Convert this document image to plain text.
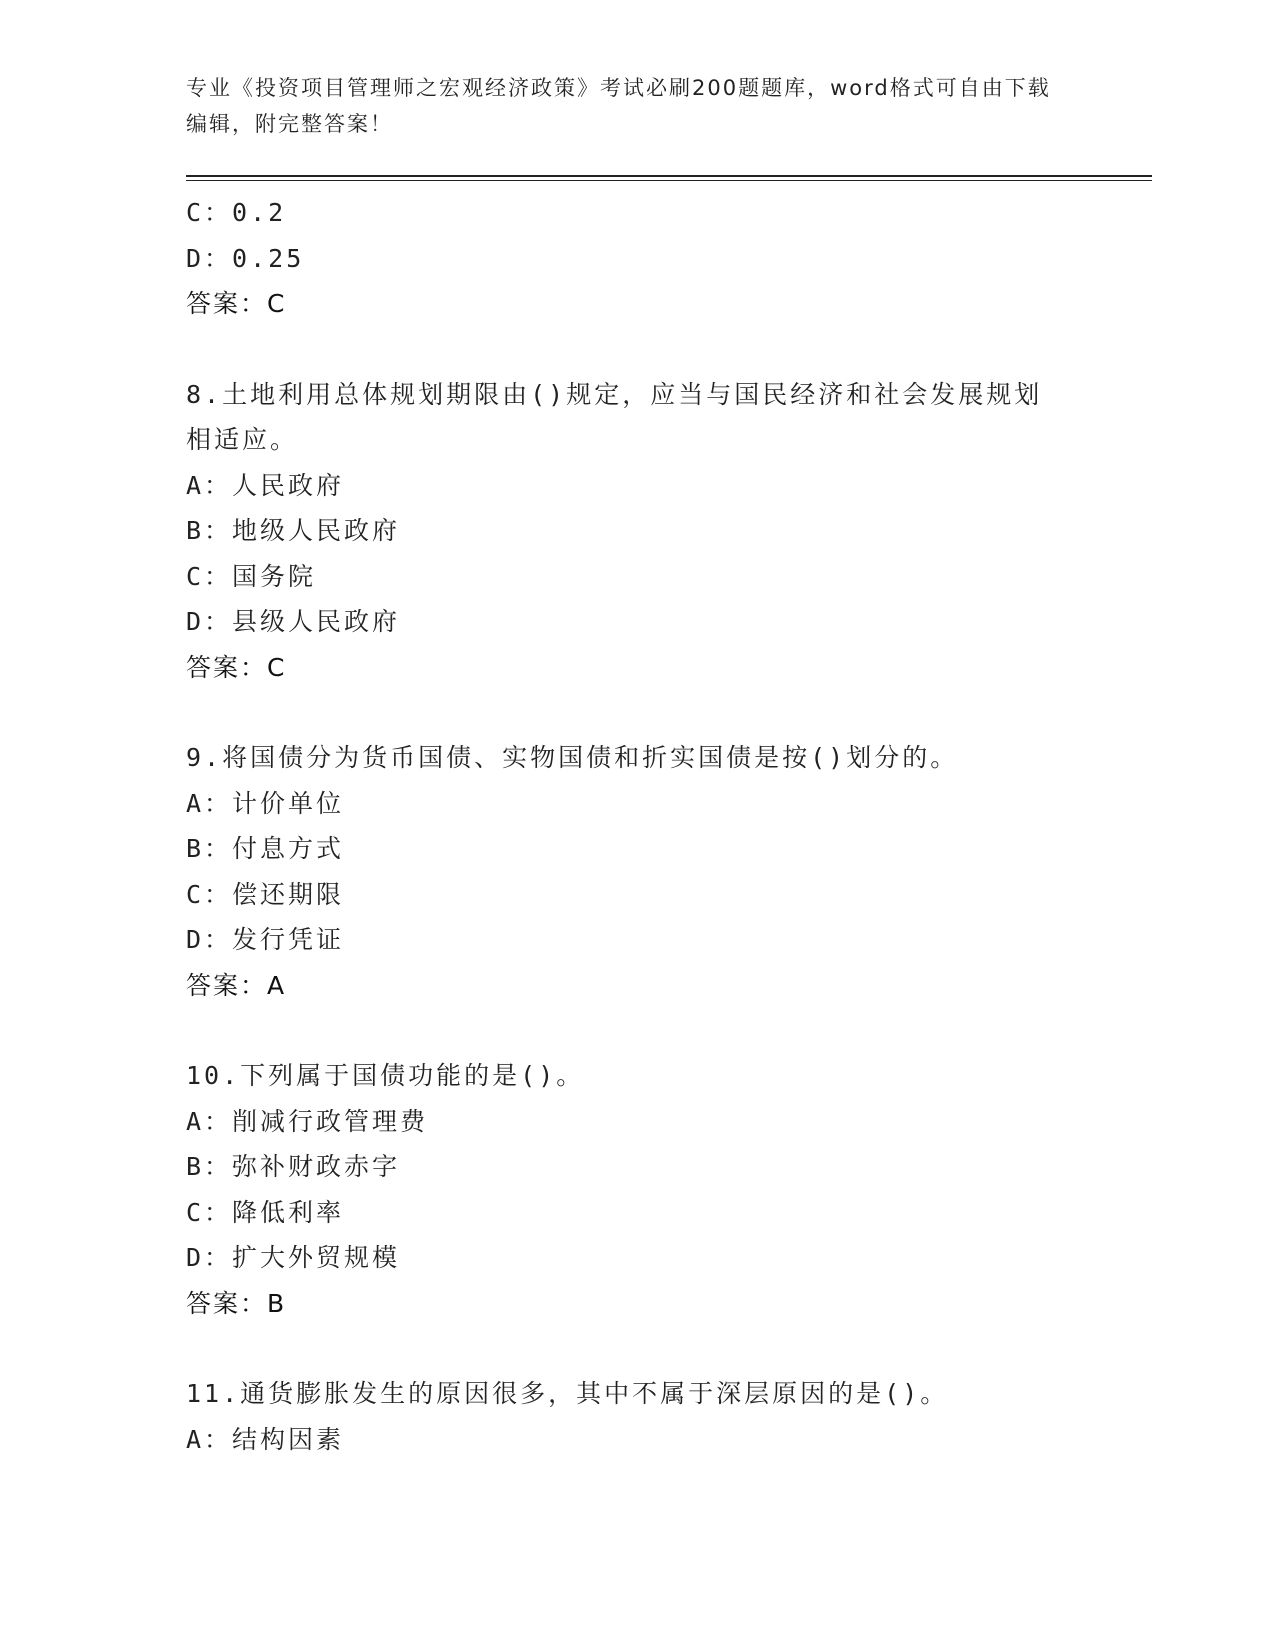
专业《投资项目管理师之宏观经济政策》考试必刷200题题库，word格式可自由下载编辑，附完整答案！
C：0.2
D：0.25
答案：C
8.土地利用总体规划期限由()规定，应当与国民经济和社会发展规划相适应。
A：人民政府
B：地级人民政府
C：国务院
D：县级人民政府
答案：C
9.将国债分为货币国债、实物国债和折实国债是按()划分的。
A：计价单位
B：付息方式
C：偿还期限
D：发行凭证
答案：A
10.下列属于国债功能的是()。
A：削减行政管理费
B：弥补财政赤字
C：降低利率
D：扩大外贸规模
答案：B
11.通货膨胀发生的原因很多，其中不属于深层原因的是()。
A：结构因素
